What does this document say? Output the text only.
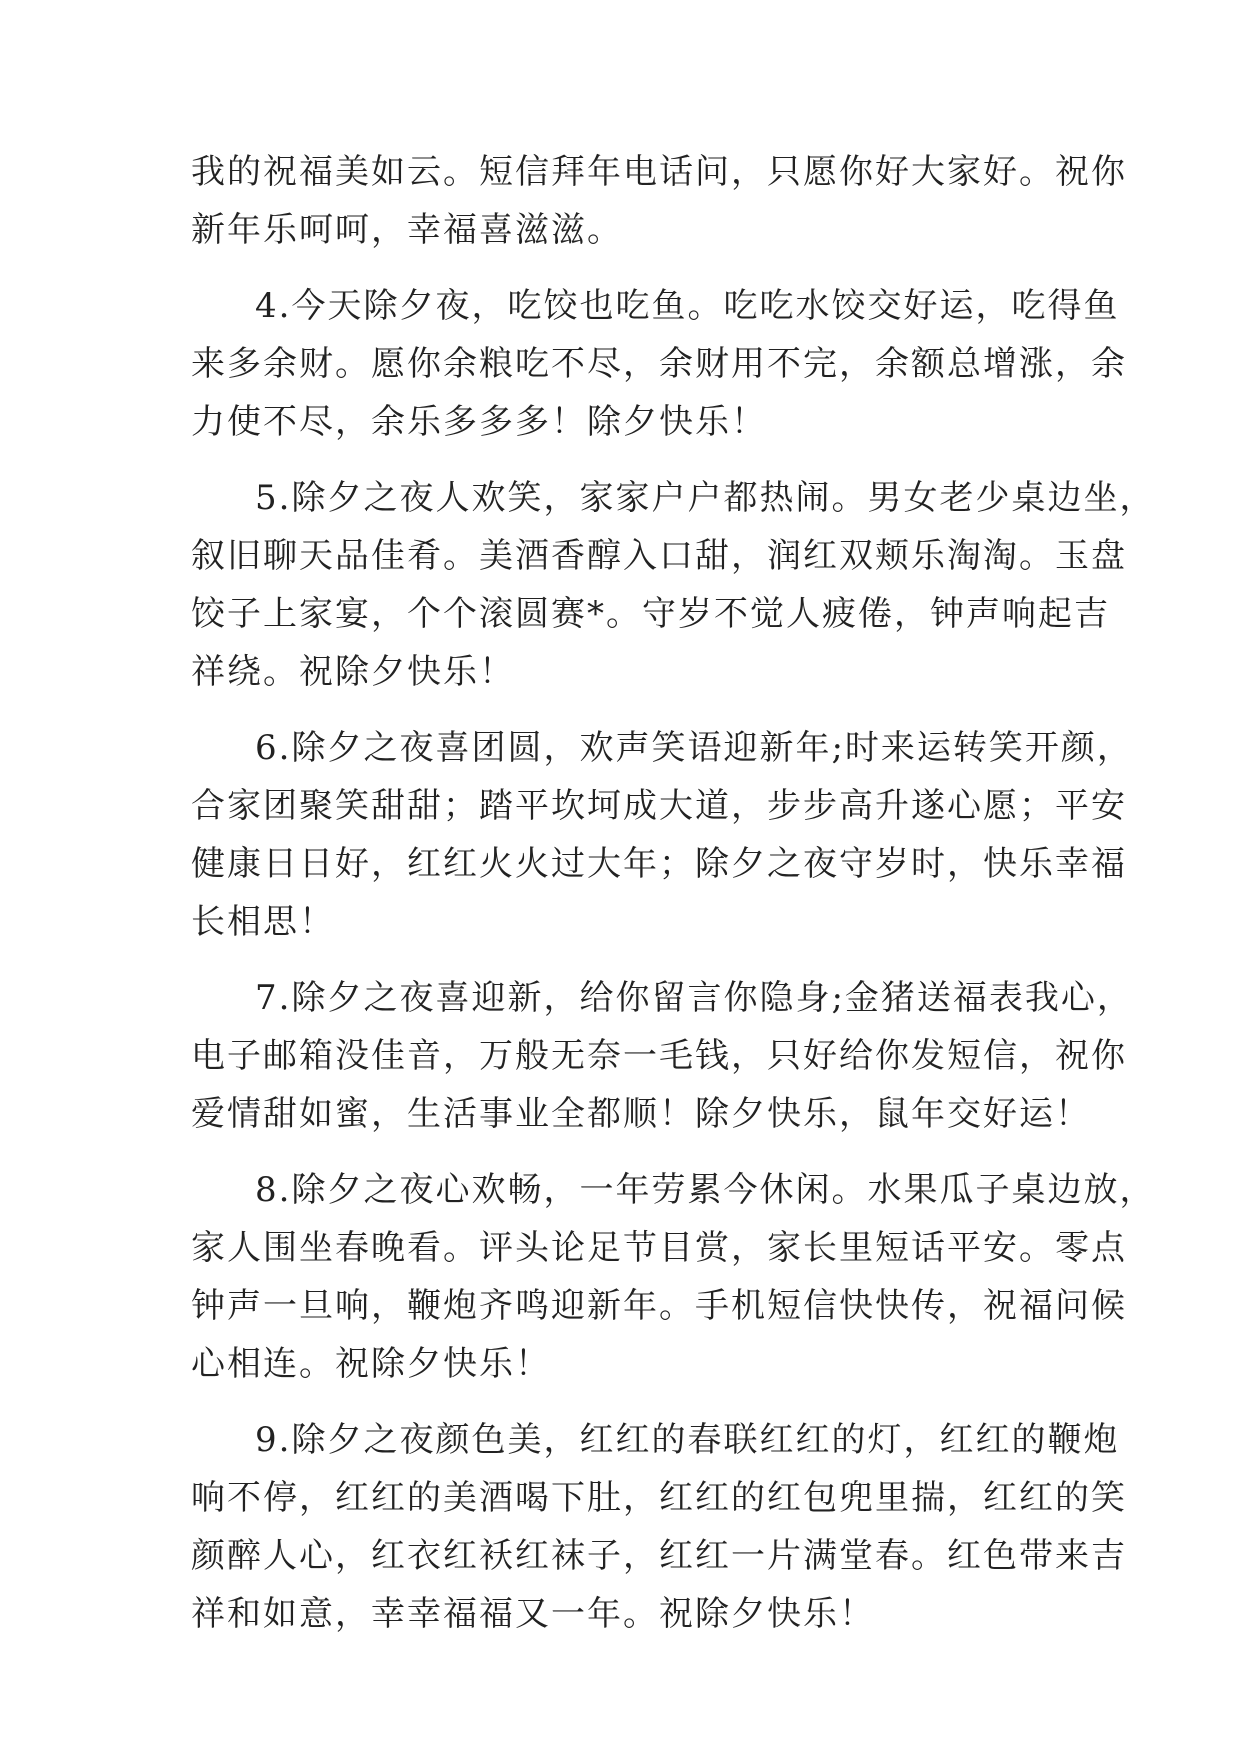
我的祝福美如云。短信拜年电话问，只愿你好大家好。祝你
新年乐呵呵，幸福喜滋滋。
4.今天除夕夜，吃饺也吃鱼。吃吃水饺交好运，吃得鱼
来多余财。愿你余粮吃不尽，余财用不完，余额总增涨，余
力使不尽，余乐多多多！除夕快乐！
5.除夕之夜人欢笑，家家户户都热闹。男女老少桌边坐，
叙旧聊天品佳肴。美酒香醇入口甜，润红双颊乐淘淘。玉盘
饺子上家宴，个个滚圆赛*。守岁不觉人疲倦，钟声响起吉
祥绕。祝除夕快乐！
6.除夕之夜喜团圆，欢声笑语迎新年;时来运转笑开颜，
合家团聚笑甜甜；踏平坎坷成大道，步步高升遂心愿；平安
健康日日好，红红火火过大年；除夕之夜守岁时，快乐幸福
长相思！
7.除夕之夜喜迎新，给你留言你隐身;金猪送福表我心，
电子邮箱没佳音，万般无奈一毛钱，只好给你发短信，祝你
爱情甜如蜜，生活事业全都顺！除夕快乐，鼠年交好运！
8.除夕之夜心欢畅，一年劳累今休闲。水果瓜子桌边放，
家人围坐春晚看。评头论足节目赏，家长里短话平安。零点
钟声一旦响，鞭炮齐鸣迎新年。手机短信快快传，祝福问候
心相连。祝除夕快乐！
9.除夕之夜颜色美，红红的春联红红的灯，红红的鞭炮
响不停，红红的美酒喝下肚，红红的红包兜里揣，红红的笑
颜醉人心，红衣红袄红袜子，红红一片满堂春。红色带来吉
祥和如意，幸幸福福又一年。祝除夕快乐！
